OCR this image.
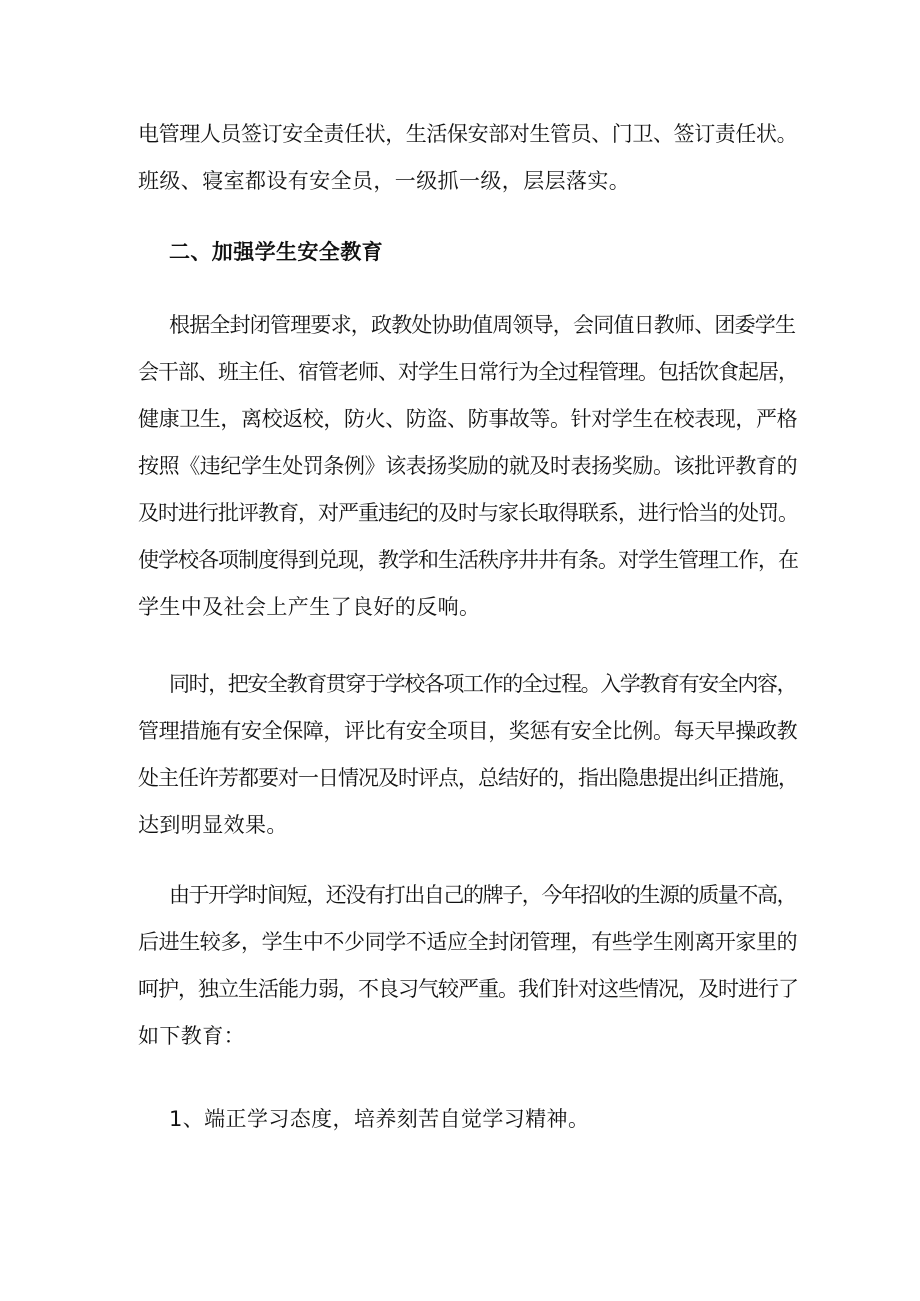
电管理人员签订安全责任状，生活保安部对生管员、门卫、签订责任状。
班级、寝室都设有安全员，一级抓一级，层层落实。
二、加强学生安全教育
根据全封闭管理要求，政教处协助值周领导，会同值日教师、团委学生
会干部、班主任、宿管老师、对学生日常行为全过程管理。包括饮食起居，
健康卫生，离校返校，防火、防盗、防事故等。针对学生在校表现，严格
按照《违纪学生处罚条例》该表扬奖励的就及时表扬奖励。该批评教育的
及时进行批评教育，对严重违纪的及时与家长取得联系，进行恰当的处罚。
使学校各项制度得到兑现，教学和生活秩序井井有条。对学生管理工作，在
学生中及社会上产生了良好的反响。
同时，把安全教育贯穿于学校各项工作的全过程。入学教育有安全内容，
管理措施有安全保障，评比有安全项目，奖惩有安全比例。每天早操政教
处主任许芳都要对一日情况及时评点，总结好的，指出隐患提出纠正措施，
达到明显效果。
由于开学时间短，还没有打出自己的牌子，今年招收的生源的质量不高，
后进生较多，学生中不少同学不适应全封闭管理，有些学生刚离开家里的
呵护，独立生活能力弱，不良习气较严重。我们针对这些情况，及时进行了
如下教育：
1、端正学习态度，培养刻苦自觉学习精神。
